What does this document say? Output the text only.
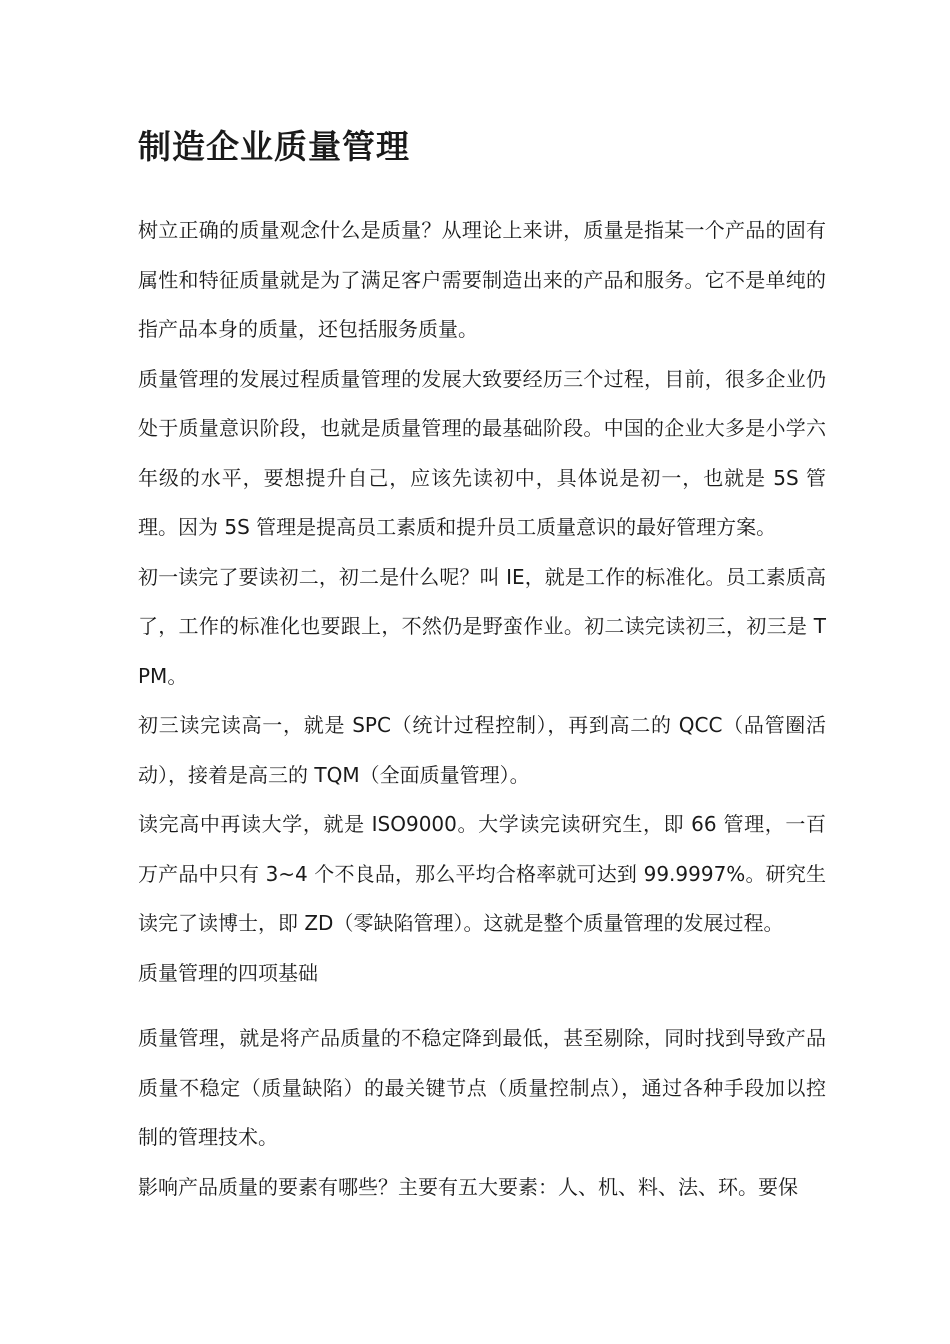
制造企业质量管理

树立正确的质量观念什么是质量？从理论上来讲，质量是指某一个产品的固有属性和特征质量就是为了满足客户需要制造出来的产品和服务。它不是单纯的指产品本身的质量，还包括服务质量。

质量管理的发展过程质量管理的发展大致要经历三个过程，目前，很多企业仍处于质量意识阶段，也就是质量管理的最基础阶段。中国的企业大多是小学六年级的水平，要想提升自己，应该先读初中，具体说是初一，也就是 5S 管理。因为 5S 管理是提高员工素质和提升员工质量意识的最好管理方案。

初一读完了要读初二，初二是什么呢？叫 IE，就是工作的标准化。员工素质高了，工作的标准化也要跟上，不然仍是野蛮作业。初二读完读初三，初三是 TPM。

初三读完读高一，就是 SPC（统计过程控制），再到高二的 QCC（品管圈活动），接着是高三的 TQM（全面质量管理）。

读完高中再读大学，就是 ISO9000。大学读完读研究生，即 66 管理，一百万产品中只有 3~4 个不良品，那么平均合格率就可达到 99.9997%。研究生读完了读博士，即 ZD（零缺陷管理）。这就是整个质量管理的发展过程。

质量管理的四项基础

质量管理，就是将产品质量的不稳定降到最低，甚至剔除，同时找到导致产品质量不稳定（质量缺陷）的最关键节点（质量控制点），通过各种手段加以控制的管理技术。

影响产品质量的要素有哪些？主要有五大要素：人、机、料、法、环。要保
